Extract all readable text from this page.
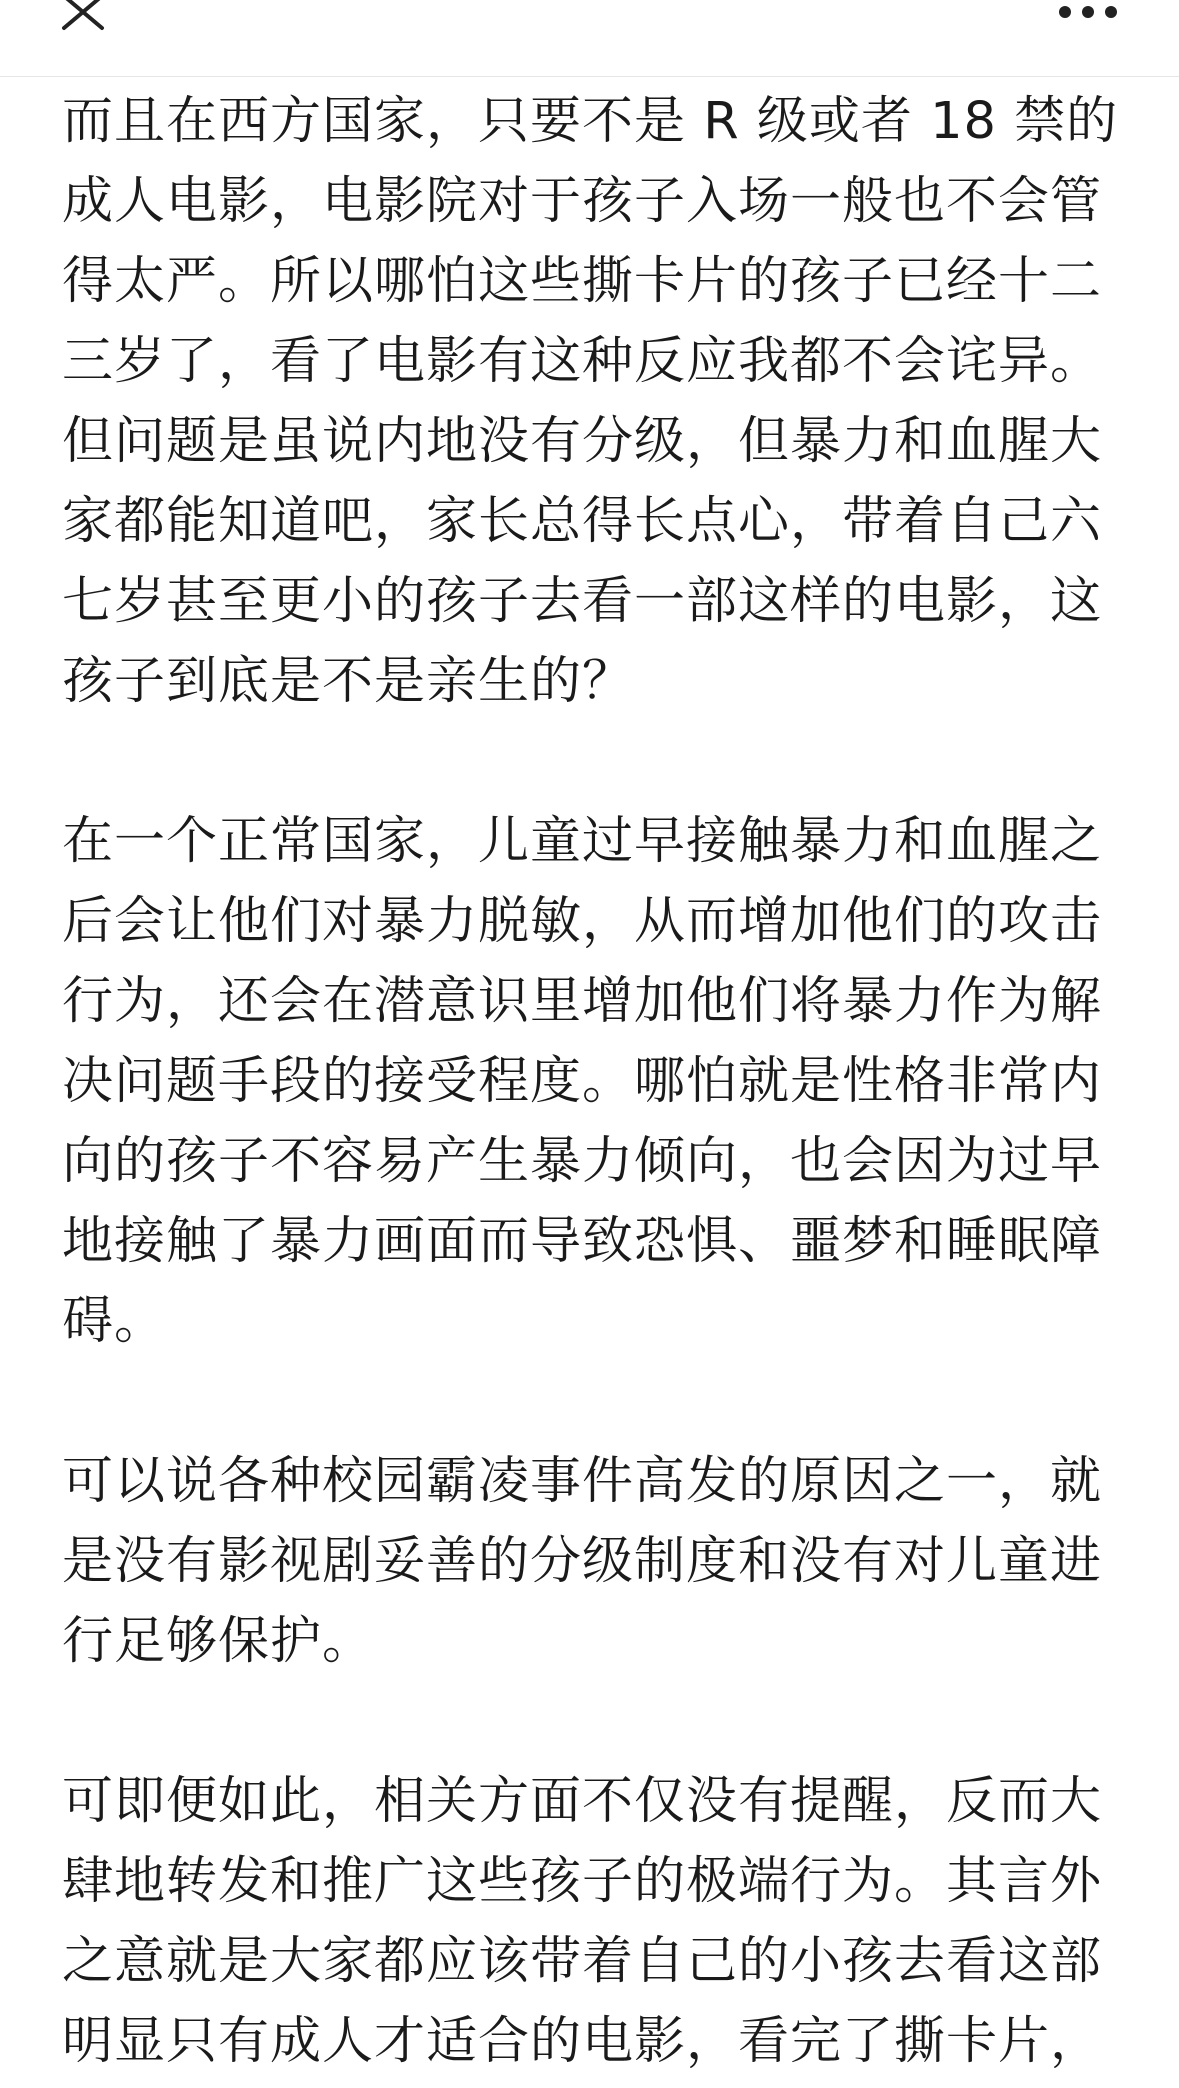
而且在西方国家，只要不是 R 级或者 18 禁的
成人电影，电影院对于孩子入场一般也不会管
得太严。所以哪怕这些撕卡片的孩子已经十二
三岁了，看了电影有这种反应我都不会诧异。
但问题是虽说内地没有分级，但暴力和血腥大
家都能知道吧，家长总得长点心，带着自己六
七岁甚至更小的孩子去看一部这样的电影，这
孩子到底是不是亲生的？
在一个正常国家，儿童过早接触暴力和血腥之
后会让他们对暴力脱敏，从而增加他们的攻击
行为，还会在潜意识里增加他们将暴力作为解
决问题手段的接受程度。哪怕就是性格非常内
向的孩子不容易产生暴力倾向，也会因为过早
地接触了暴力画面而导致恐惧、噩梦和睡眠障
碍。
可以说各种校园霸凌事件高发的原因之一，就
是没有影视剧妥善的分级制度和没有对儿童进
行足够保护。
可即便如此，相关方面不仅没有提醒，反而大
肆地转发和推广这些孩子的极端行为。其言外
之意就是大家都应该带着自己的小孩去看这部
明显只有成人才适合的电影，看完了撕卡片，
